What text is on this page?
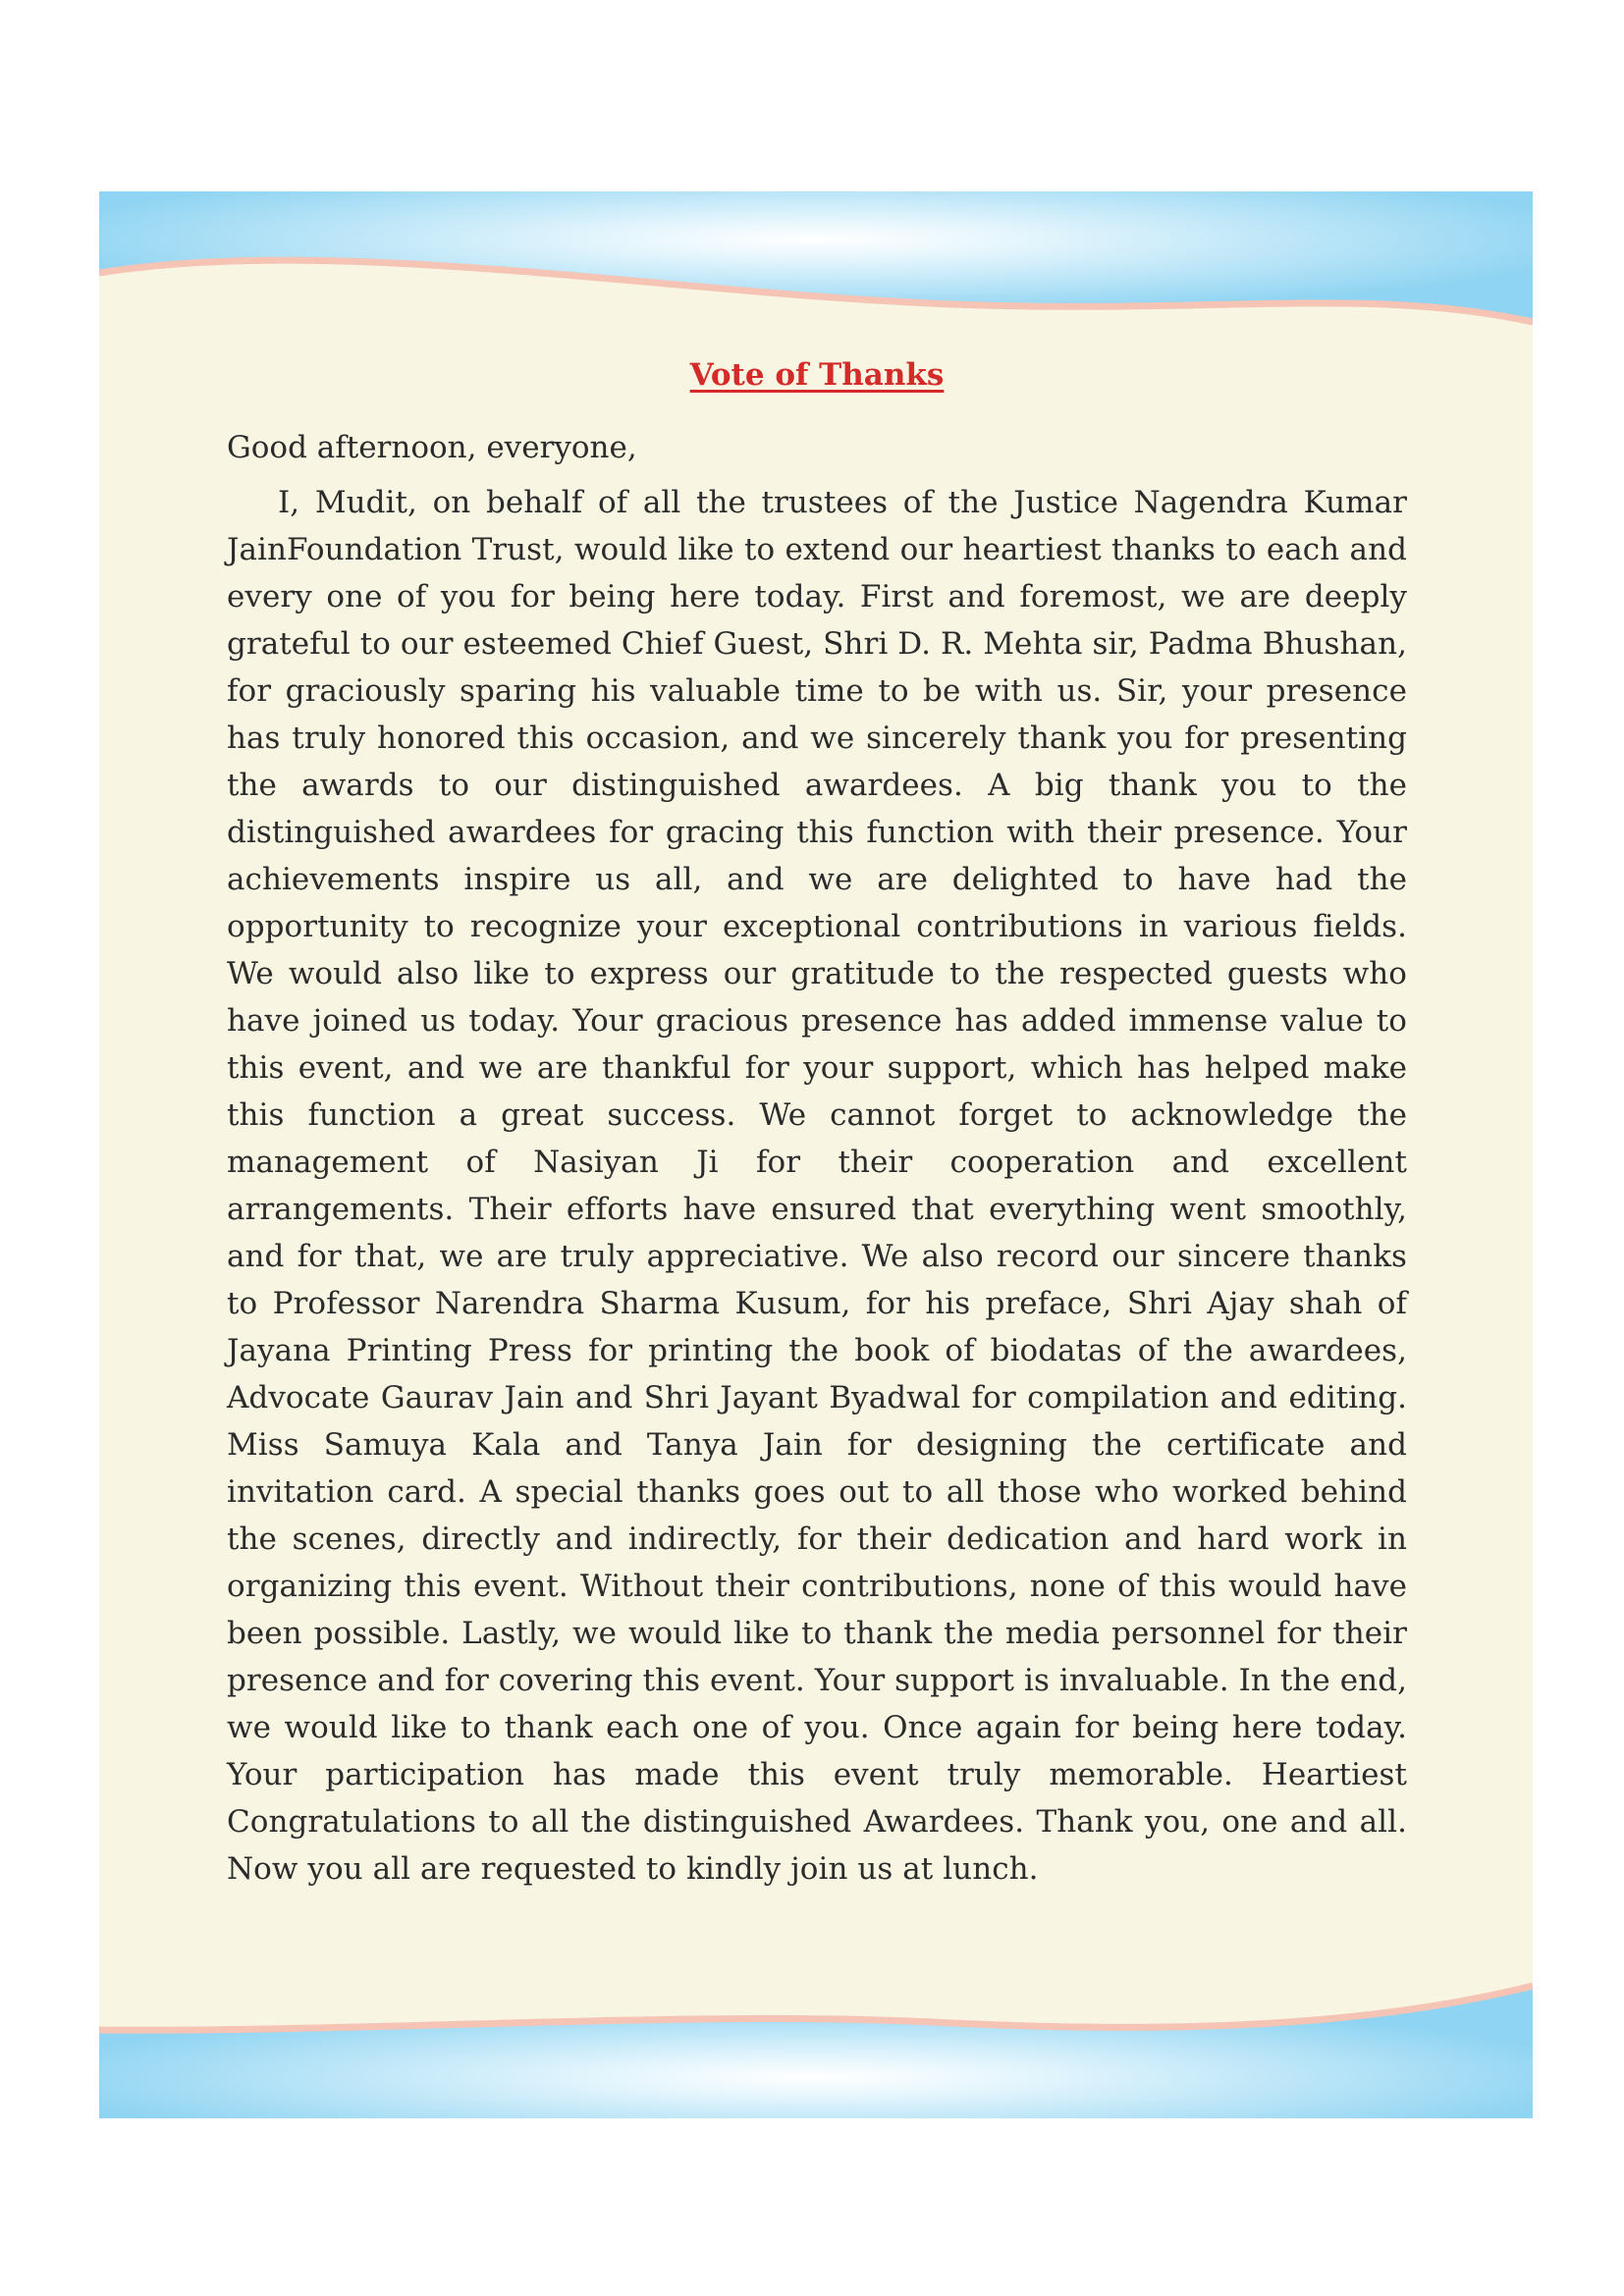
Vote of Thanks

Good afternoon, everyone,

I, Mudit, on behalf of all the trustees of the Justice Nagendra Kumar JainFoundation Trust, would like to extend our heartiest thanks to each and every one of you for being here today. First and foremost, we are deeply grateful to our esteemed Chief Guest, Shri D. R. Mehta sir, Padma Bhushan, for graciously sparing his valuable time to be with us. Sir, your presence has truly honored this occasion, and we sincerely thank you for presenting the awards to our distinguished awardees. A big thank you to the distinguished awardees for gracing this function with their presence. Your achievements inspire us all, and we are delighted to have had the opportunity to recognize your exceptional contributions in various fields. We would also like to express our gratitude to the respected guests who have joined us today. Your gracious presence has added immense value to this event, and we are thankful for your support, which has helped make this function a great success. We cannot forget to acknowledge the management of Nasiyan Ji for their cooperation and excellent arrangements. Their efforts have ensured that everything went smoothly, and for that, we are truly appreciative. We also record our sincere thanks to Professor Narendra Sharma Kusum, for his preface, Shri Ajay shah of Jayana Printing Press for printing the book of biodatas of the awardees, Advocate Gaurav Jain and Shri Jayant Byadwal for compilation and editing. Miss Samuya Kala and Tanya Jain for designing the certificate and invitation card. A special thanks goes out to all those who worked behind the scenes, directly and indirectly, for their dedication and hard work in organizing this event. Without their contributions, none of this would have been possible. Lastly, we would like to thank the media personnel for their presence and for covering this event. Your support is invaluable. In the end, we would like to thank each one of you. Once again for being here today. Your participation has made this event truly memorable. Heartiest Congratulations to all the distinguished Awardees. Thank you, one and all. Now you all are requested to kindly join us at lunch.
